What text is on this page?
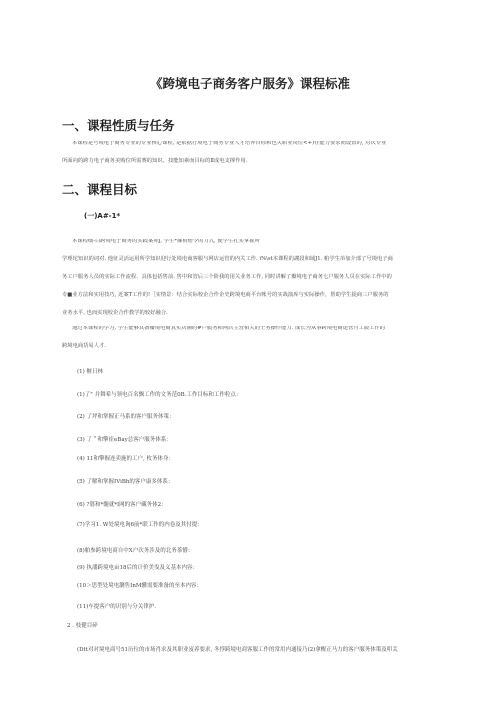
《跨境电子商务客户服务》课程标准
一、课程性质与任务
本课程是号境电子商务专业的专业核心课程, 是依据行境电子商务专业人才培养目标和也关职业岗位<+)任能力要求而设置的, 对次专业
所面向的跨力电子商务美购位所需赛的知识、技能知素而目标的Ⅱ成电支撑作用.
二、课程目标
(一)A#-1*
本课程细-白跨境电子商务的实践案卯J, 学生*揶相赔令的力式, 使学生孔实掌握所
学理坨知识的词对. 他征灵活运用所学知识迎行处境电商客服与网店运管的内关工作. i%\st本课程的謝段和域J1. 帕学生芾加介部了号境电子商
务工户服务人员的实际工作流程、具体包括售前. 售中和管后三个阶我的用关业务工作, 同时讲解了瓣境电子商务七户服务人员在实际工作中的
专■业方法和实用技巧, 近案T工作的!［实情景：结合实际校企合作企史跨境电商平台帐号的实战演库与实际操作，帮助学生捉商三户服务的
业务水平, 也而实现校企合作教学的较好融合.
通过本课程的学习, 学生能够具备瓣境电商真实店铺的#户服务和网店主营相关的士务操作能力. 成长为从事跨境电商运营月工版工作的
跨境电商货易人才.
(1) 榧日林
(1)了" 并舞希与领电百名飘工作的文务范0B.工作目标和工作粒点：
(2) 了坪和掌握正马系的客户服务体策：
(3) 了＂和擎崔eBay总客户服务体系：
(4) 11和擎握连卖施的工户, 枚务体身：
(5) 了解和掌握IViBh的客户康多体系：
(6) ?篡和*髓就*I网的客户藏务体2：
(7)学习1. W处境电询6前*联工作的内卷及其付提：
(8)舶参跨境电商自中X户次务涉及的北务茶懵：
(9) 执潘跨境电亩18后的计价美曳及义基本内容：
(10＞思型处境电瀏售InM髒需要准备的至本内容：
(11)车提客户的识别与分关律护.
2 . 枝健目碎
(Dtt对对境电商号51历位的市场肖求及其职业岌养要求, 冬悖跨境电商客服工作的常用内通接乃(2)拿醒正马力的客户服务体策及叩关
